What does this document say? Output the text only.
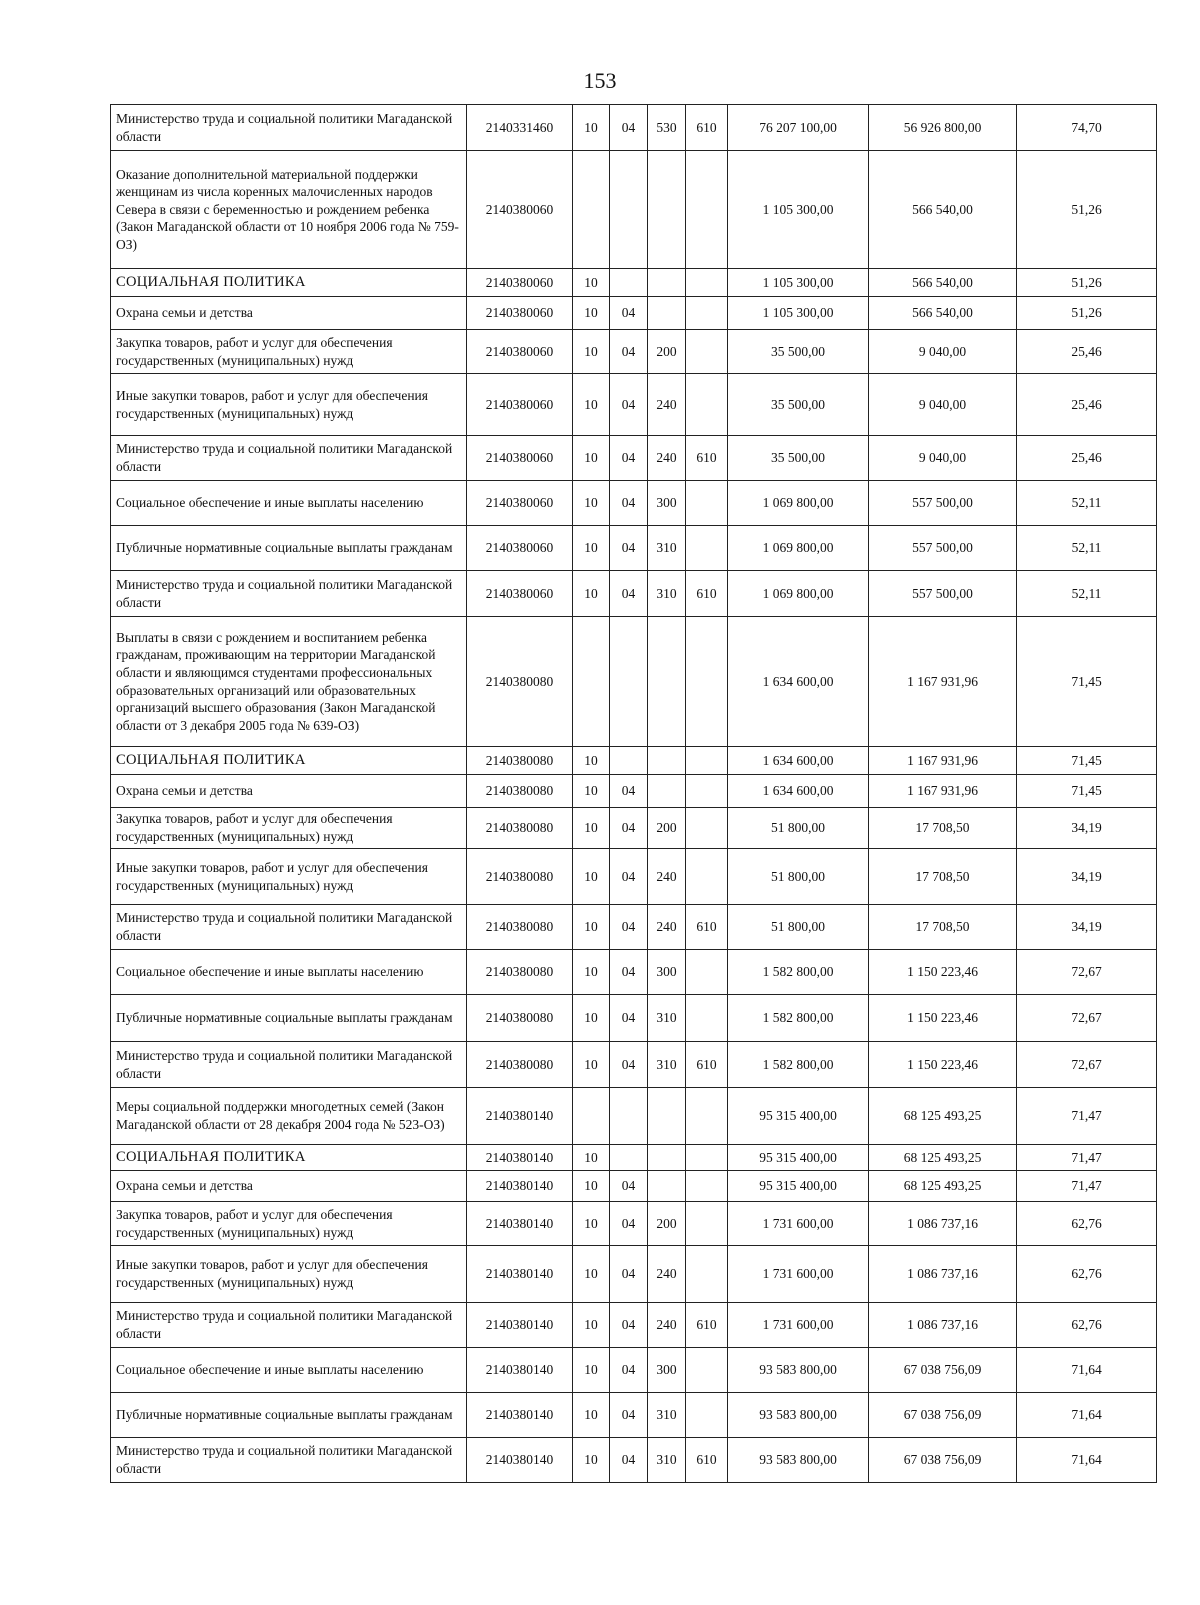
153
Министерство труда и социальной политики Магаданской области	2140331460	10	04	530	610	76 207 100,00	56 926 800,00	74,70
Оказание дополнительной материальной поддержки женщинам из числа коренных малочисленных народов Севера в связи с беременностью и рождением ребенка (Закон Магаданской области от 10 ноября 2006 года № 759-ОЗ)	2140380060					1 105 300,00	566 540,00	51,26
СОЦИАЛЬНАЯ ПОЛИТИКА	2140380060	10				1 105 300,00	566 540,00	51,26
Охрана семьи и детства	2140380060	10	04			1 105 300,00	566 540,00	51,26
Закупка товаров, работ и услуг для обеспечения государственных (муниципальных) нужд	2140380060	10	04	200		35 500,00	9 040,00	25,46
Иные закупки товаров, работ и услуг для обеспечения государственных (муниципальных) нужд	2140380060	10	04	240		35 500,00	9 040,00	25,46
Министерство труда и социальной политики Магаданской области	2140380060	10	04	240	610	35 500,00	9 040,00	25,46
Социальное обеспечение и иные выплаты населению	2140380060	10	04	300		1 069 800,00	557 500,00	52,11
Публичные нормативные социальные выплаты гражданам	2140380060	10	04	310		1 069 800,00	557 500,00	52,11
Министерство труда и социальной политики Магаданской области	2140380060	10	04	310	610	1 069 800,00	557 500,00	52,11
Выплаты в связи с рождением и воспитанием ребенка гражданам, проживающим на территории Магаданской области и являющимся студентами профессиональных образовательных организаций или образовательных организаций высшего образования (Закон Магаданской области от 3 декабря 2005 года № 639-ОЗ)	2140380080					1 634 600,00	1 167 931,96	71,45
СОЦИАЛЬНАЯ ПОЛИТИКА	2140380080	10				1 634 600,00	1 167 931,96	71,45
Охрана семьи и детства	2140380080	10	04			1 634 600,00	1 167 931,96	71,45
Закупка товаров, работ и услуг для обеспечения государственных (муниципальных) нужд	2140380080	10	04	200		51 800,00	17 708,50	34,19
Иные закупки товаров, работ и услуг для обеспечения государственных (муниципальных) нужд	2140380080	10	04	240		51 800,00	17 708,50	34,19
Министерство труда и социальной политики Магаданской области	2140380080	10	04	240	610	51 800,00	17 708,50	34,19
Социальное обеспечение и иные выплаты населению	2140380080	10	04	300		1 582 800,00	1 150 223,46	72,67
Публичные нормативные социальные выплаты гражданам	2140380080	10	04	310		1 582 800,00	1 150 223,46	72,67
Министерство труда и социальной политики Магаданской области	2140380080	10	04	310	610	1 582 800,00	1 150 223,46	72,67
Меры социальной поддержки многодетных семей (Закон Магаданской области от 28 декабря 2004 года № 523-ОЗ)	2140380140					95 315 400,00	68 125 493,25	71,47
СОЦИАЛЬНАЯ ПОЛИТИКА	2140380140	10				95 315 400,00	68 125 493,25	71,47
Охрана семьи и детства	2140380140	10	04			95 315 400,00	68 125 493,25	71,47
Закупка товаров, работ и услуг для обеспечения государственных (муниципальных) нужд	2140380140	10	04	200		1 731 600,00	1 086 737,16	62,76
Иные закупки товаров, работ и услуг для обеспечения государственных (муниципальных) нужд	2140380140	10	04	240		1 731 600,00	1 086 737,16	62,76
Министерство труда и социальной политики Магаданской области	2140380140	10	04	240	610	1 731 600,00	1 086 737,16	62,76
Социальное обеспечение и иные выплаты населению	2140380140	10	04	300		93 583 800,00	67 038 756,09	71,64
Публичные нормативные социальные выплаты гражданам	2140380140	10	04	310		93 583 800,00	67 038 756,09	71,64
Министерство труда и социальной политики Магаданской области	2140380140	10	04	310	610	93 583 800,00	67 038 756,09	71,64
